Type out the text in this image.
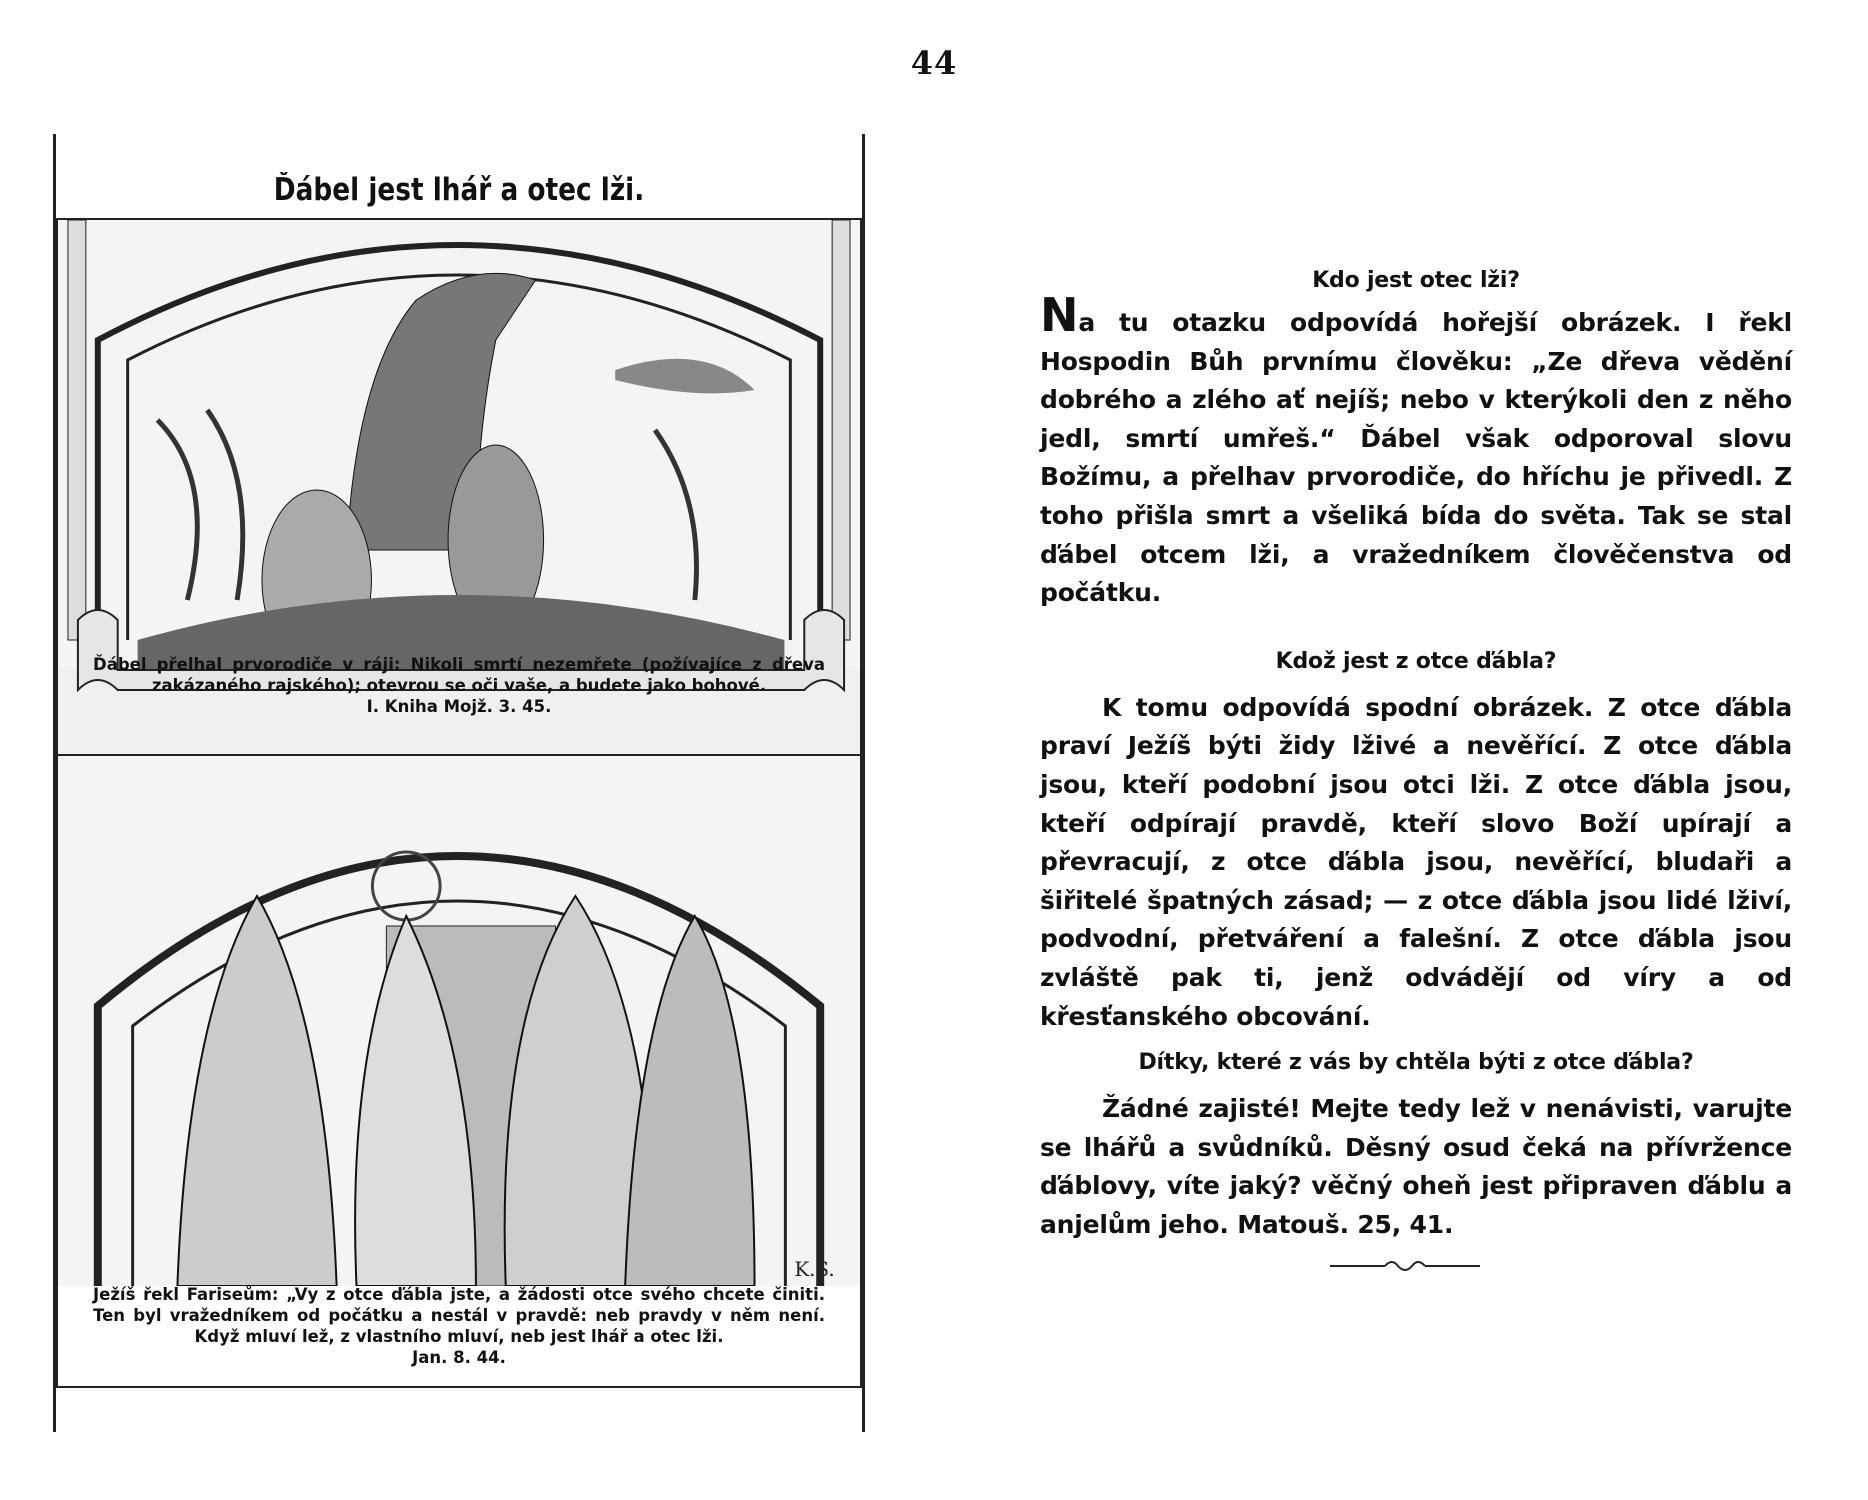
44
Ďábel jest lhář a otec lži.
Ďábel přelhal prvorodiče v ráji: Nikoli smrtí nezemřete (požívajíce z dřeva zakázaného rajského); otevrou se oči vaše, a budete jako bohové.
I. Kniha Mojž. 3. 45.
K.S.
Ježíš řekl Fariseům: „Vy z otce ďábla jste, a žádosti otce svého chcete činiti. Ten byl vražedníkem od počátku a nestál v pravdě: neb pravdy v něm není. Když mluví lež, z vlastního mluví, neb jest lhář a otec lži.
Jan. 8. 44.
Kdo jest otec lži?

Na tu otazku odpovídá hořejší obrázek. I řekl Hospodin Bůh prvnímu člověku: „Ze dřeva vědění dobrého a zlého ať nejíš; nebo v kterýkoli den z něho jedl, smrtí umřeš.“ Ďábel však odporoval slovu Božímu, a přelhav prvorodiče, do hříchu je přivedl. Z toho přišla smrt a všeliká bída do světa. Tak se stal ďábel otcem lži, a vražedníkem člověčenstva od počátku.

Kdož jest z otce ďábla?

K tomu odpovídá spodní obrázek. Z otce ďábla praví Ježíš býti židy lživé a nevěřící. Z otce ďábla jsou, kteří podobní jsou otci lži. Z otce ďábla jsou, kteří odpírají pravdě, kteří slovo Boží upírají a převracují, z otce ďábla jsou, nevěřící, bludaři a šiřitelé špatných zásad; — z otce ďábla jsou lidé lživí, podvodní, přetváření a falešní. Z otce ďábla jsou zvláště pak ti, jenž odvádějí od víry a od křesťanského obcování.

Dítky, které z vás by chtěla býti z otce ďábla?

Žádné zajisté! Mejte tedy lež v nenávisti, varujte se lhářů a svůdníků. Děsný osud čeká na přívržence ďáblovy, víte jaký? věčný oheň jest připraven ďáblu a anjelům jeho. Matouš. 25, 41.
